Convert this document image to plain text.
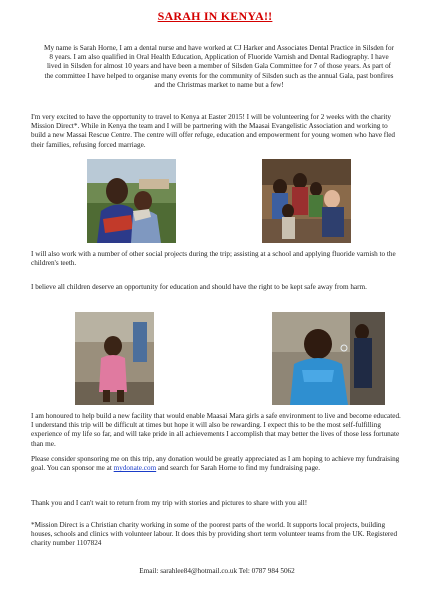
SARAH IN KENYA!!

My name is Sarah Horne, I am a dental nurse and have worked at CJ Harker and Associates Dental Practice in Silsden for 8 years. I am also qualified in Oral Health Education, Application of Fluoride Varnish and Dental Radiography. I have lived in Silsden for almost 10 years and have been a member of Silsden Gala Committee for 7 of those years. As part of the committee I have helped to organise many events for the community of Silsden such as the annual Gala, past bonfires and the Christmas market to name but a few!

I'm very excited to have the opportunity to travel to Kenya at Easter 2015! I will be volunteering for 2 weeks with the charity Mission Direct*. While in Kenya the team and I will be partnering with the Maasai Evangelistic Association and working to build a new Massai Rescue Centre. The centre will offer refuge, education and empowerment for young women who have fled their families, refusing forced marriage.

I will also work with a number of other social projects during the trip; assisting at a school and applying fluoride varnish to the children's teeth.

I believe all children deserve an opportunity for education and should have the right to be kept safe away from harm.

I am honoured to help build a new facility that would enable Maasai Mara girls a safe environment to live and become educated. I understand this trip will be difficult at times but hope it will also be rewarding. I expect this to be the most self-fulfilling experience of my life so far, and will take pride in all achievements I accomplish that may better the lives of those less fortunate than me.

Please consider sponsoring me on this trip, any donation would be greatly appreciated as I am hoping to achieve my fundraising goal. You can sponsor me at mydonate.com and search for Sarah Horne to find my fundraising page.

Thank you and I can't wait to return from my trip with stories and pictures to share with you all!

*Mission Direct is a Christian charity working in some of the poorest parts of the world. It supports local projects, building houses, schools and clinics with volunteer labour. It does this by providing short term volunteer teams from the UK. Registered charity number 1107824

Email: sarahlee84@hotmail.co.uk Tel: 0787 984 5062
